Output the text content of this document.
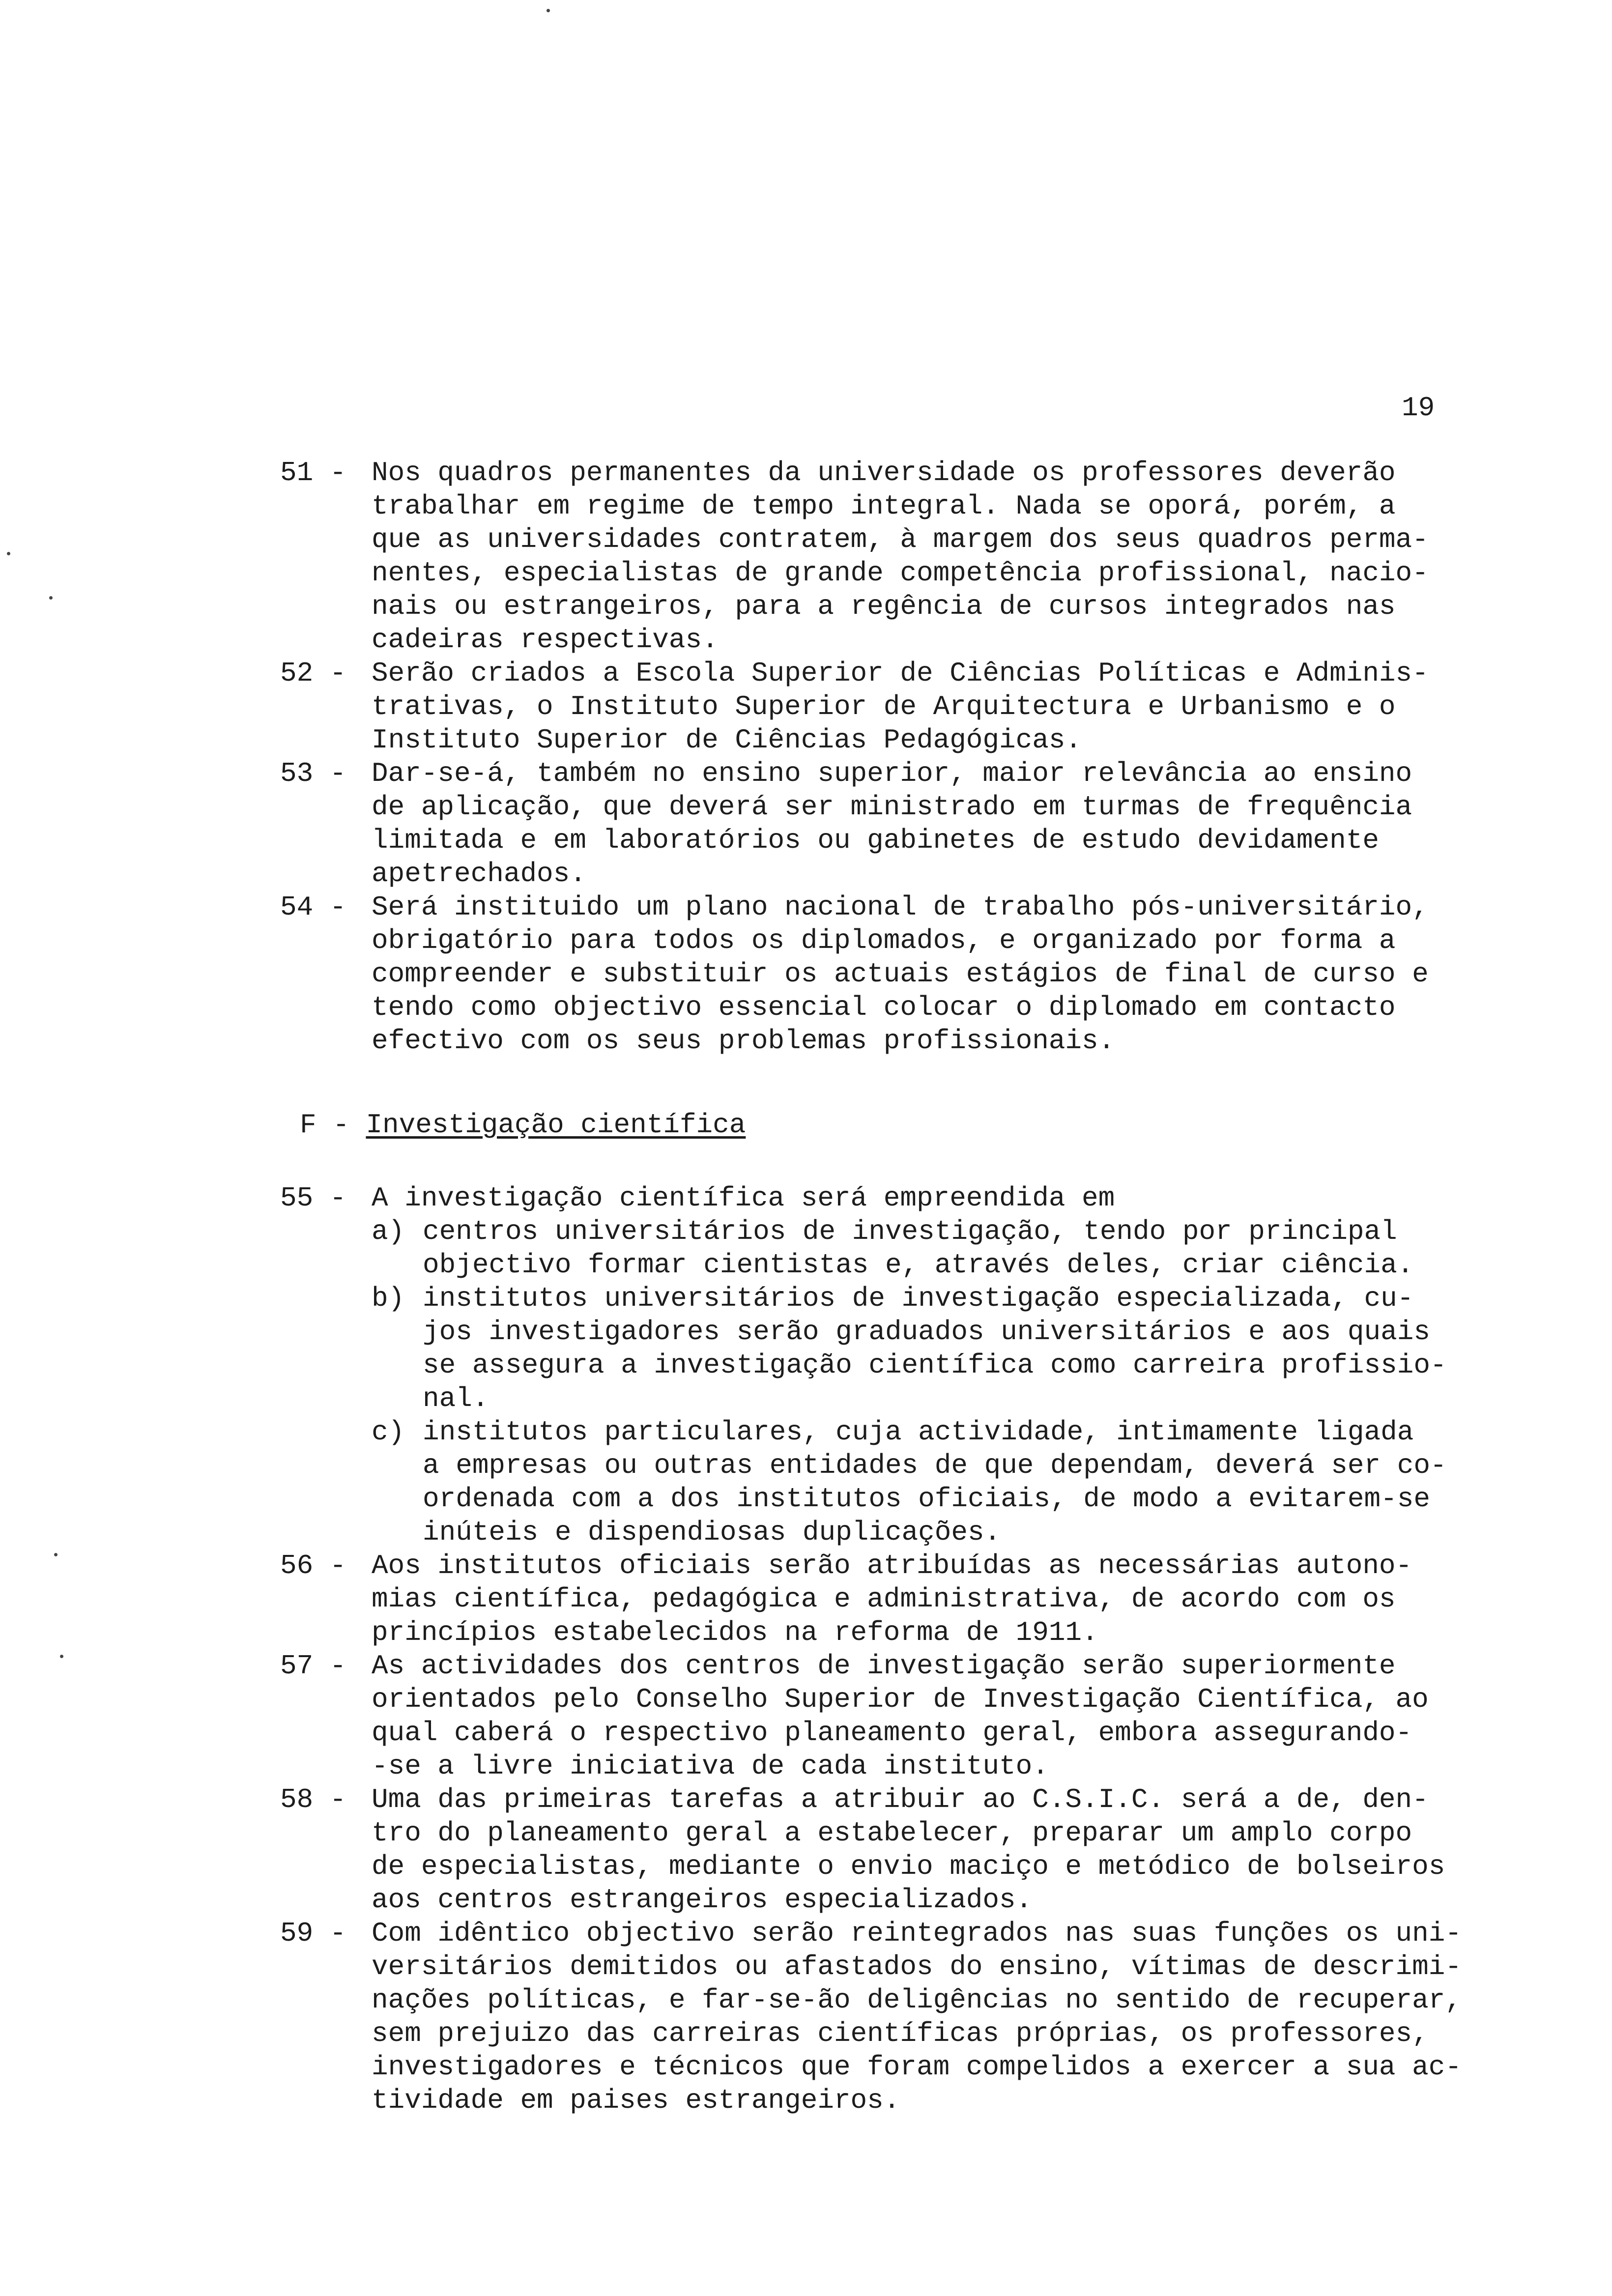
19
51 - Nos quadros permanentes da universidade os professores deverão
trabalhar em regime de tempo integral. Nada se oporá, porém, a
que as universidades contratem, à margem dos seus quadros perma-
nentes, especialistas de grande competência profissional, nacio-
nais ou estrangeiros, para a regência de cursos integrados nas
cadeiras respectivas.
52 - Serão criados a Escola Superior de Ciências Políticas e Adminis-
trativas, o Instituto Superior de Arquitectura e Urbanismo e o
Instituto Superior de Ciências Pedagógicas.
53 - Dar-se-á, também no ensino superior, maior relevância ao ensino
de aplicação, que deverá ser ministrado em turmas de frequência
limitada e em laboratórios ou gabinetes de estudo devidamente
apetrechados.
54 - Será instituido um plano nacional de trabalho pós-universitário,
obrigatório para todos os diplomados, e organizado por forma a
compreender e substituir os actuais estágios de final de curso e
tendo como objectivo essencial colocar o diplomado em contacto
efectivo com os seus problemas profissionais.
F - Investigação científica
55 - A investigação científica será empreendida em
a) centros universitários de investigação, tendo por principal
objectivo formar cientistas e, através deles, criar ciência.
b) institutos universitários de investigação especializada, cu-
jos investigadores serão graduados universitários e aos quais
se assegura a investigação científica como carreira profissio-
nal.
c) institutos particulares, cuja actividade, intimamente ligada
a empresas ou outras entidades de que dependam, deverá ser co-
ordenada com a dos institutos oficiais, de modo a evitarem-se
inúteis e dispendiosas duplicações.
56 - Aos institutos oficiais serão atribuídas as necessárias autono-
mias científica, pedagógica e administrativa, de acordo com os
princípios estabelecidos na reforma de 1911.
57 - As actividades dos centros de investigação serão superiormente
orientados pelo Conselho Superior de Investigação Científica, ao
qual caberá o respectivo planeamento geral, embora assegurando-
-se a livre iniciativa de cada instituto.
58 - Uma das primeiras tarefas a atribuir ao C.S.I.C. será a de, den-
tro do planeamento geral a estabelecer, preparar um amplo corpo
de especialistas, mediante o envio maciço e metódico de bolseiros
aos centros estrangeiros especializados.
59 - Com idêntico objectivo serão reintegrados nas suas funções os uni-
versitários demitidos ou afastados do ensino, vítimas de descrimi-
nações políticas, e far-se-ão deligências no sentido de recuperar,
sem prejuizo das carreiras científicas próprias, os professores,
investigadores e técnicos que foram compelidos a exercer a sua ac-
tividade em paises estrangeiros.
